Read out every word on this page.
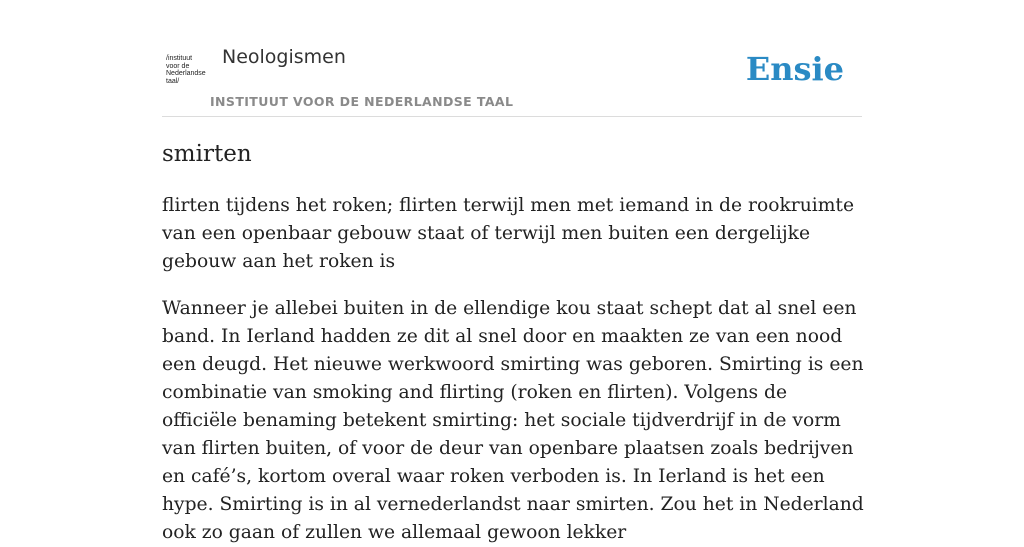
/instituut
voor de
Nederlandse
taal/
Neologismen
INSTITUUT VOOR DE NEDERLANDSE TAAL
Ensie
smirten

flirten tijdens het roken; flirten terwijl men met iemand in de rookruimte van een openbaar gebouw staat of terwijl men buiten een dergelijke gebouw aan het roken is

Wanneer je allebei buiten in de ellendige kou staat schept dat al snel een band. In Ierland hadden ze dit al snel door en maakten ze van een nood een deugd. Het nieuwe werkwoord smirting was geboren. Smirting is een combinatie van smoking and flirting (roken en flirten). Volgens de officiële benaming betekent smirting: het sociale tijdverdrijf in de vorm van flirten buiten, of voor de deur van openbare plaatsen zoals bedrijven en café’s, kortom overal waar roken verboden is. In Ierland is het een hype. Smirting is in al vernederlandst naar smirten. Zou het in Nederland ook zo gaan of zullen we allemaal gewoon lekker
